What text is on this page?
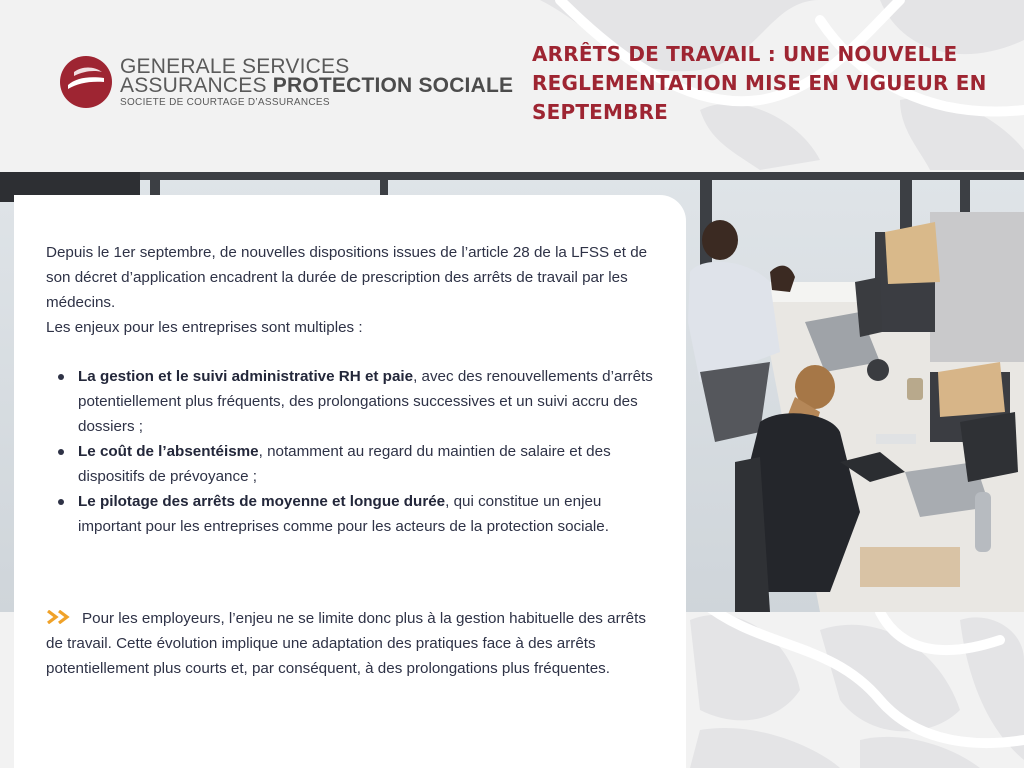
GENERALE SERVICES
ASSURANCES PROTECTION SOCIALE
SOCIETE DE COURTAGE D’ASSURANCES
ARRÊTS DE TRAVAIL : UNE NOUVELLE REGLEMENTATION MISE EN VIGUEUR EN SEPTEMBRE

Depuis le 1er septembre, de nouvelles dispositions issues de l’article 28 de la LFSS et de son décret d’application encadrent la durée de prescription des arrêts de travail par les médecins.

Les enjeux pour les entreprises sont multiples :

La gestion et le suivi administrative RH et paie, avec des renouvellements d’arrêts potentiellement plus fréquents, des prolongations successives et un suivi accru des dossiers ;
Le coût de l’absentéisme, notamment au regard du maintien de salaire et des dispositifs de prévoyance ;
Le pilotage des arrêts de moyenne et longue durée, qui constitue un enjeu important pour les entreprises comme pour les acteurs de la protection sociale.

Pour les employeurs, l’enjeu ne se limite donc plus à la gestion habituelle des arrêts de travail. Cette évolution implique une adaptation des pratiques face à des arrêts potentiellement plus courts et, par conséquent, à des prolongations plus fréquentes.
